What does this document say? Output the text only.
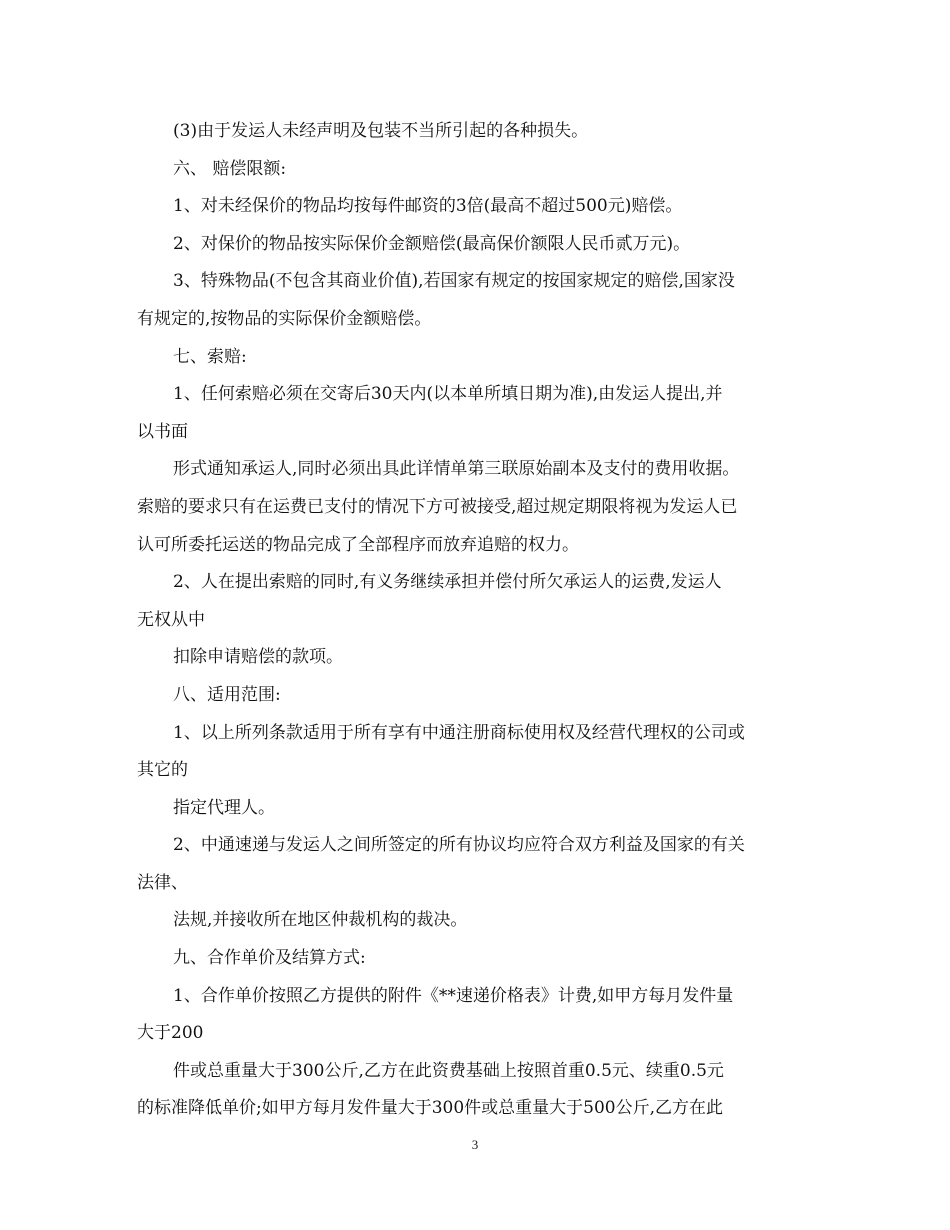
(3)由于发运人未经声明及包装不当所引起的各种损失。
六、 赔偿限额:
1、对未经保价的物品均按每件邮资的3倍(最高不超过500元)赔偿。
2、对保价的物品按实际保价金额赔偿(最高保价额限人民币贰万元)。
3、特殊物品(不包含其商业价值),若国家有规定的按国家规定的赔偿,国家没
有规定的,按物品的实际保价金额赔偿。
七、索赔:
1、任何索赔必须在交寄后30天内(以本单所填日期为准),由发运人提出,并
以书面
形式通知承运人,同时必须出具此详情单第三联原始副本及支付的费用收据。
索赔的要求只有在运费已支付的情况下方可被接受,超过规定期限将视为发运人已
认可所委托运送的物品完成了全部程序而放弃追赔的权力。
2、人在提出索赔的同时,有义务继续承担并偿付所欠承运人的运费,发运人
无权从中
扣除申请赔偿的款项。
八、适用范围:
1、以上所列条款适用于所有享有中通注册商标使用权及经营代理权的公司或
其它的
指定代理人。
2、中通速递与发运人之间所签定的所有协议均应符合双方利益及国家的有关
法律、
法规,并接收所在地区仲裁机构的裁决。
九、合作单价及结算方式:
1、合作单价按照乙方提供的附件《**速递价格表》计费,如甲方每月发件量
大于200
件或总重量大于300公斤,乙方在此资费基础上按照首重0.5元、续重0.5元
的标准降低单价;如甲方每月发件量大于300件或总重量大于500公斤,乙方在此
3
